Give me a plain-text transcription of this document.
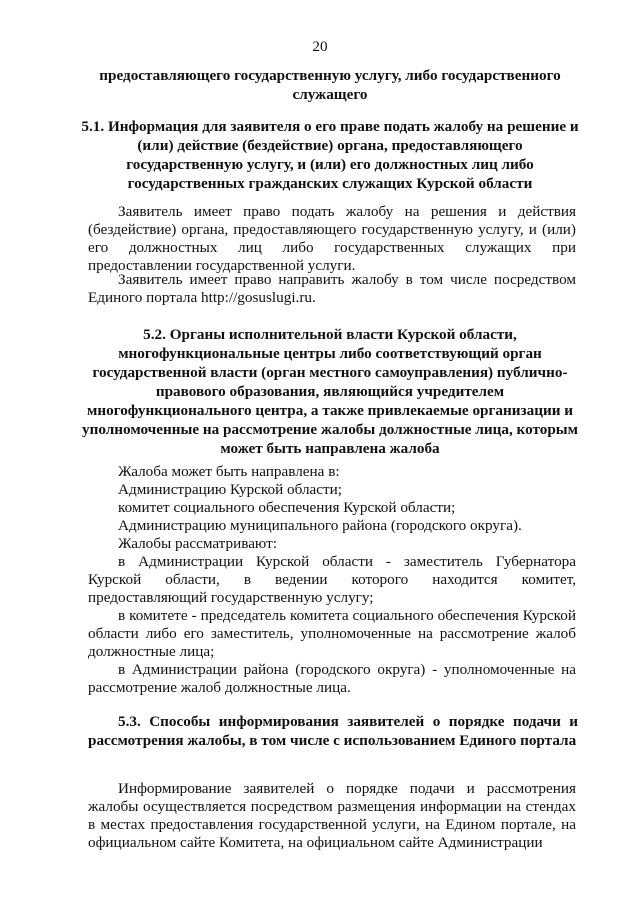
20
предоставляющего государственную услугу, либо государственного служащего
5.1. Информация для заявителя о его праве подать жалобу на решение и (или) действие (бездействие) органа, предоставляющего государственную услугу, и (или) его должностных лиц либо государственных гражданских служащих Курской области
Заявитель имеет право подать жалобу на решения и действия (бездействие) органа, предоставляющего государственную услугу, и (или) его должностных лиц либо государственных служащих при предоставлении государственной услуги.
Заявитель имеет право направить жалобу в том числе посредством Единого портала http://gosuslugi.ru.
5.2. Органы исполнительной власти Курской области, многофункциональные центры либо соответствующий орган государственной власти (орган местного самоуправления) публично-правового образования, являющийся учредителем многофункционального центра, а также привлекаемые организации и уполномоченные на рассмотрение жалобы должностные лица, которым может быть направлена жалоба
Жалоба может быть направлена в:
Администрацию Курской области;
комитет социального обеспечения Курской области;
Администрацию муниципального района (городского округа).
Жалобы рассматривают:
в Администрации Курской области - заместитель Губернатора Курской области, в ведении которого находится комитет, предоставляющий государственную услугу;
в комитете - председатель комитета социального обеспечения Курской области либо его заместитель, уполномоченные на рассмотрение жалоб должностные лица;
в Администрации района (городского округа) - уполномоченные на рассмотрение жалоб должностные лица.
5.3. Способы информирования заявителей о порядке подачи и рассмотрения жалобы, в том числе с использованием Единого портала
Информирование заявителей о порядке подачи и рассмотрения жалобы осуществляется посредством размещения информации на стендах в местах предоставления государственной услуги, на Едином портале, на официальном сайте Комитета, на официальном сайте Администрации
